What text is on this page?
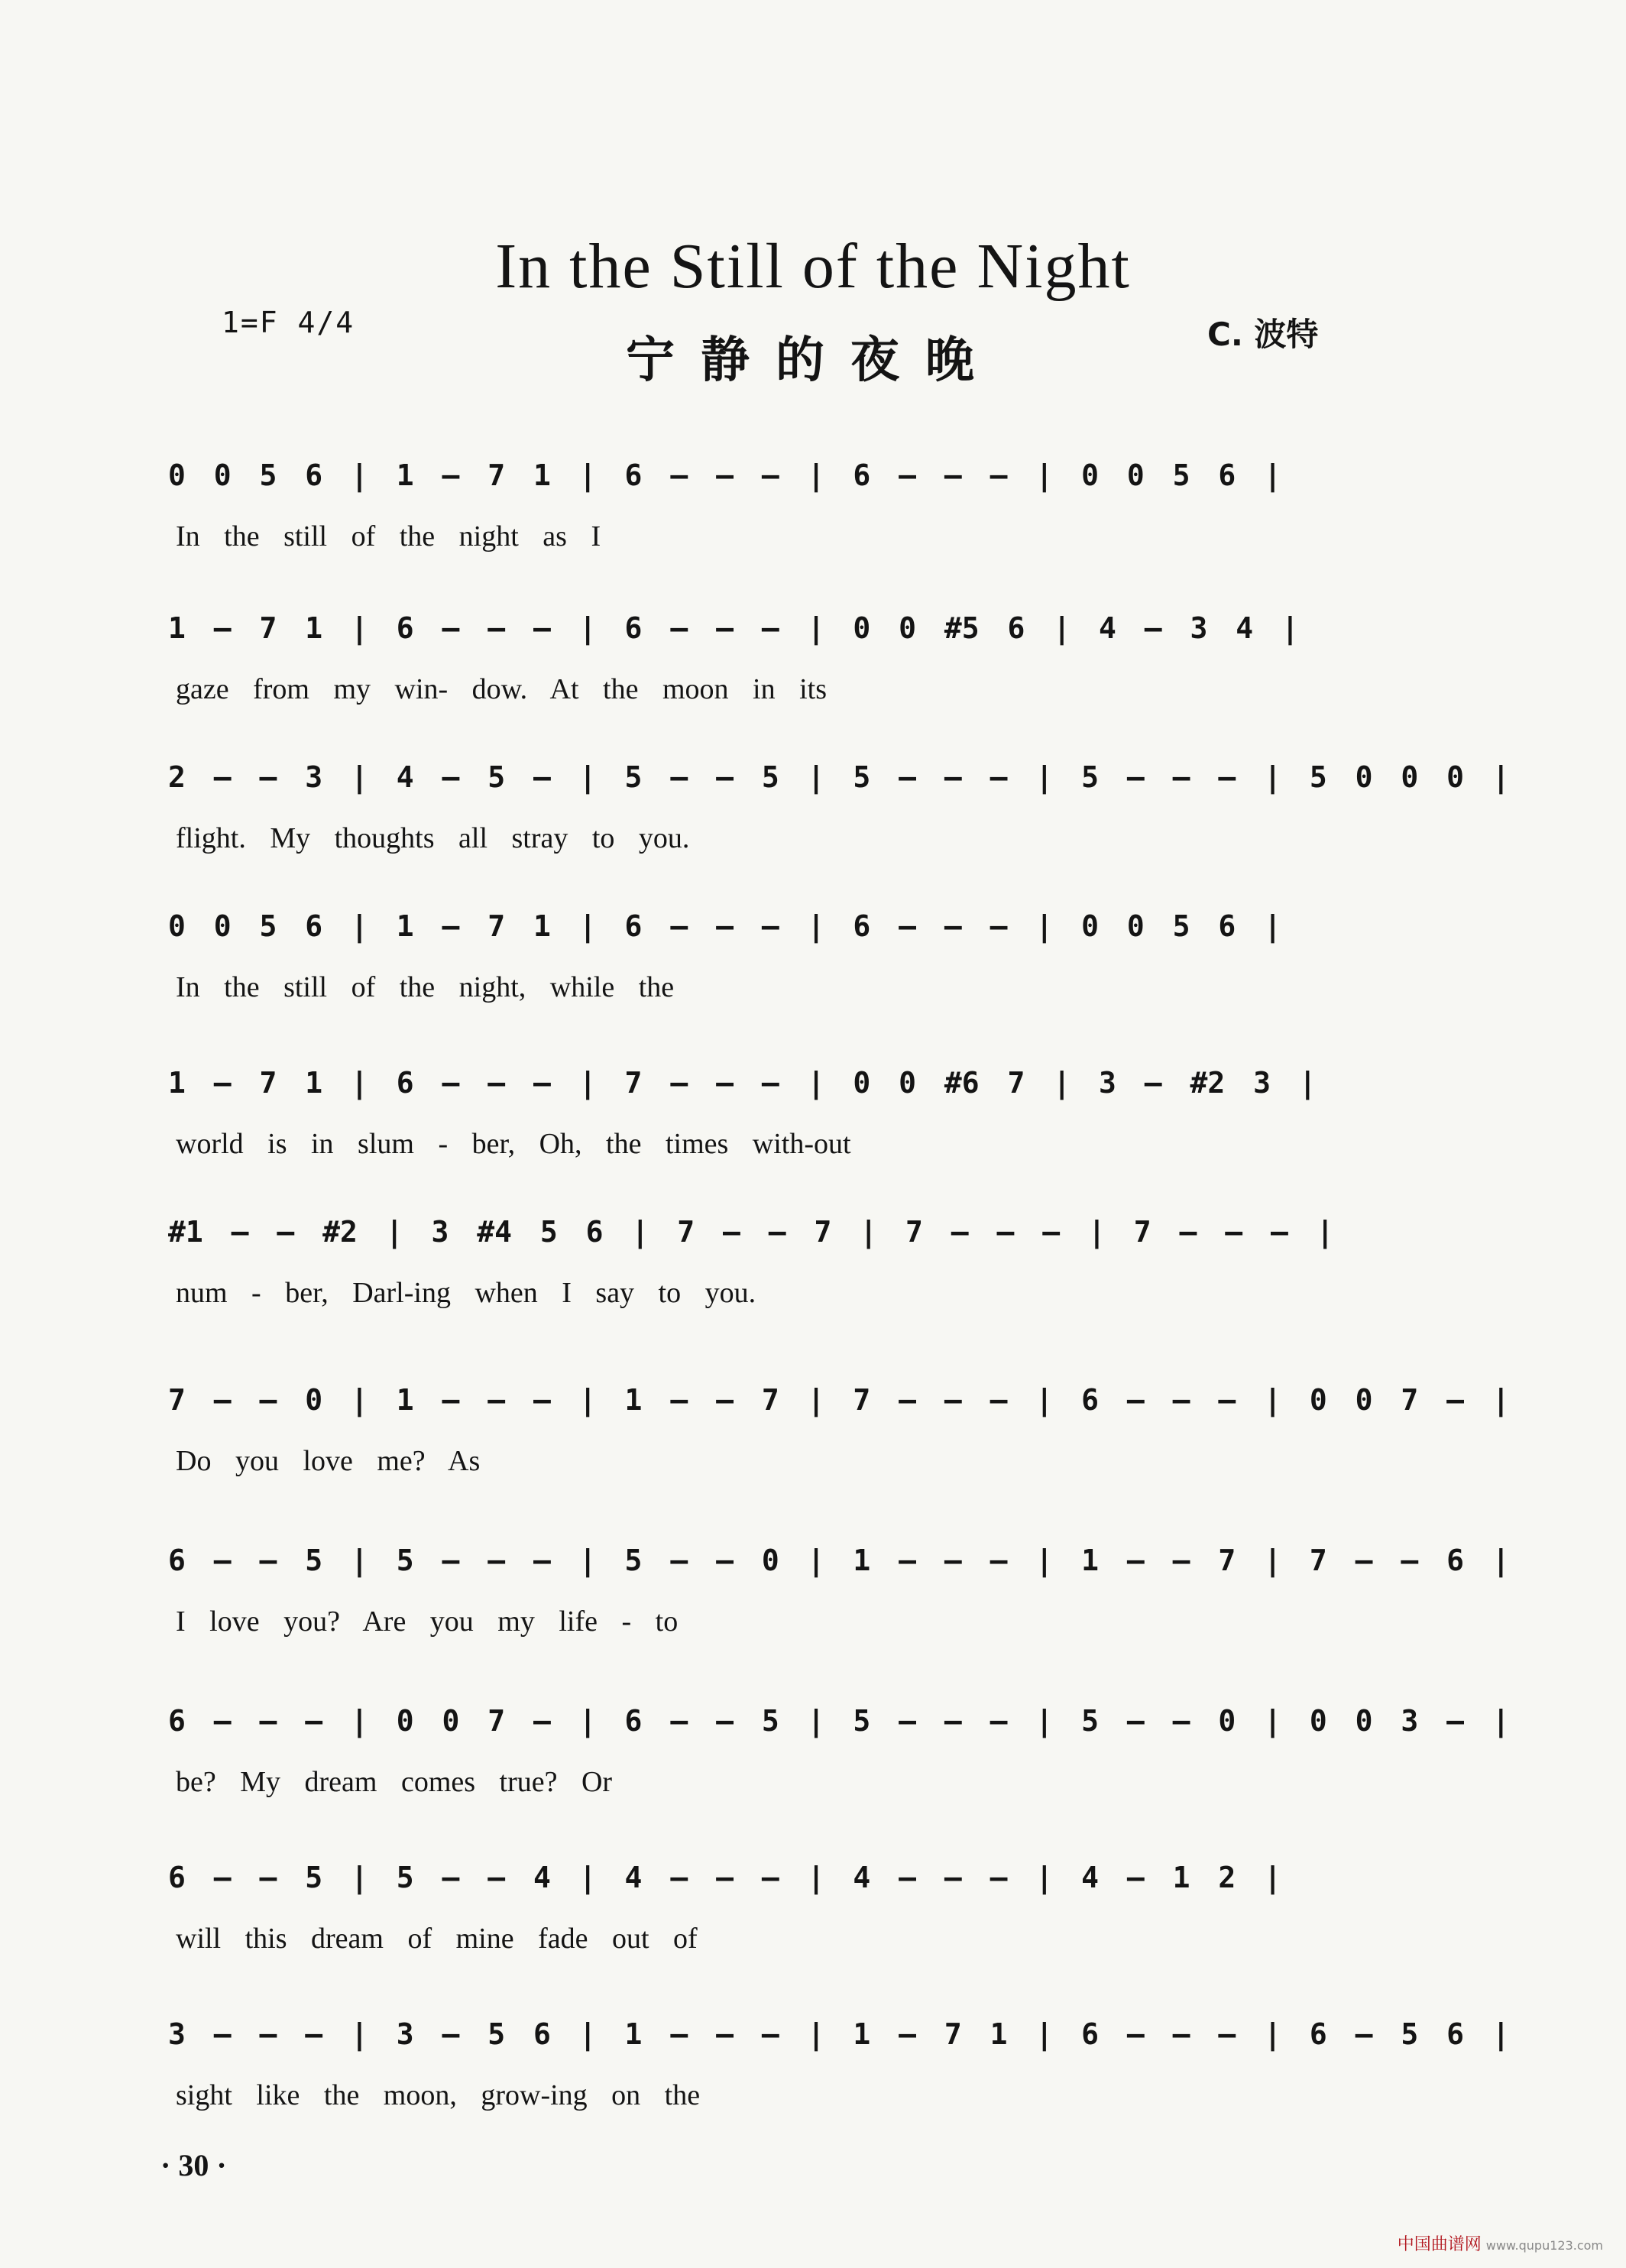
1=F 4/4
In the Still of the Night
宁静的夜晚	C. 波特
0 0 5 6 | 1 — 7 1 | 6 — — — | 6 — — — | 0 0 5 6 |
In the still of the night as I
1 — 7 1 | 6 — — — | 6 — — — | 0 0 #5 6 | 4 — 3 4 |
gaze from my win- dow. At the moon in its
2 — — 3 | 4 — 5 — | 5 — — 5 | 5 — — — | 5 — — — | 5 0 0 0 |
flight. My thoughts all stray to you.
0 0 5 6 | 1 — 7 1 | 6 — — — | 6 — — — | 0 0 5 6 |
In the still of the night, while the
1 — 7 1 | 6 — — — | 7 — — — | 0 0 #6 7 | 3 — #2 3 |
world is in slum - ber, Oh, the times with-out
#1 — — #2 | 3 #4 5 6 | 7 — — 7 | 7 — — — | 7 — — — |
num - ber, Darl-ing when I say to you.
7 — — 0 | 1 — — — | 1 — — 7 | 7 — — — | 6 — — — | 0 0 7 — |
Do you love me? As
6 — — 5 | 5 — — — | 5 — — 0 | 1 — — — | 1 — — 7 | 7 — — 6 |
I love you? Are you my life - to
6 — — — | 0 0 7 — | 6 — — 5 | 5 — — — | 5 — — 0 | 0 0 3 — |
be? My dream comes true? Or
6 — — 5 | 5 — — 4 | 4 — — — | 4 — — — | 4 — 1 2 |
will this dream of mine fade out of
3 — — — | 3 — 5 6 | 1 — — — | 1 — 7 1 | 6 — — — | 6 — 5 6 |
sight like the moon, grow-ing on the
· 30 ·
中国曲谱网 www.qupu123.com
